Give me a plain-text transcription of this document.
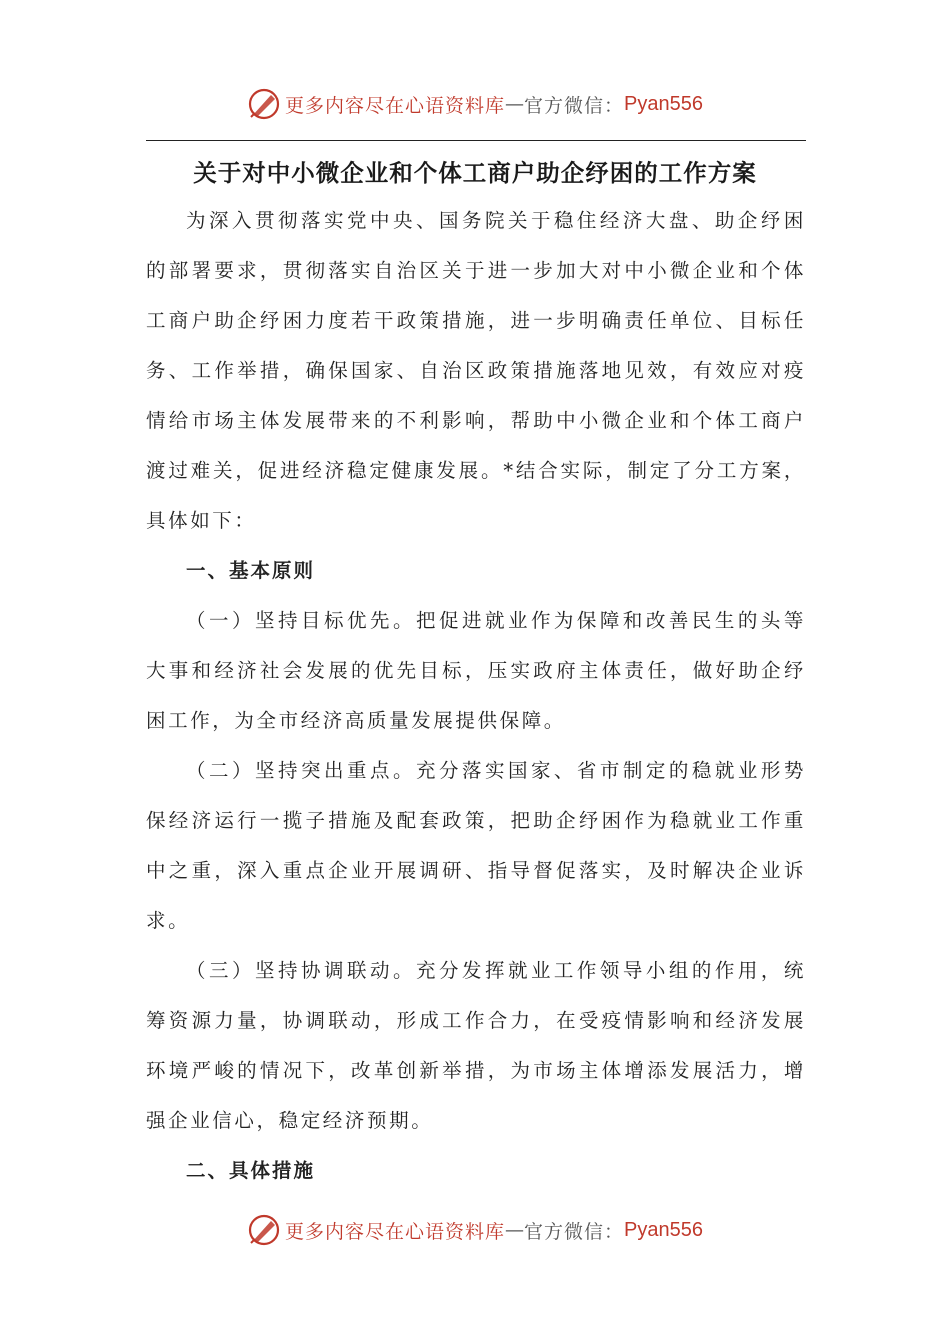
更多内容尽在心语资料库 — 官方微信： Pyan556
关于对中小微企业和个体工商户助企纾困的工作方案
为深入贯彻落实党中央、国务院关于稳住经济大盘、助企纾困
的部署要求，贯彻落实自治区关于进一步加大对中小微企业和个体
工商户助企纾困力度若干政策措施，进一步明确责任单位、目标任
务、工作举措，确保国家、自治区政策措施落地见效，有效应对疫
情给市场主体发展带来的不利影响，帮助中小微企业和个体工商户
渡过难关，促进经济稳定健康发展。*结合实际，制定了分工方案，
具体如下：
一、基本原则
（一）坚持目标优先。把促进就业作为保障和改善民生的头等
大事和经济社会发展的优先目标，压实政府主体责任，做好助企纾
困工作，为全市经济高质量发展提供保障。
（二）坚持突出重点。充分落实国家、省市制定的稳就业形势
保经济运行一揽子措施及配套政策，把助企纾困作为稳就业工作重
中之重，深入重点企业开展调研、指导督促落实，及时解决企业诉
求。
（三）坚持协调联动。充分发挥就业工作领导小组的作用，统
筹资源力量，协调联动，形成工作合力，在受疫情影响和经济发展
环境严峻的情况下，改革创新举措，为市场主体增添发展活力，增
强企业信心，稳定经济预期。
二、具体措施
更多内容尽在心语资料库 — 官方微信： Pyan556
